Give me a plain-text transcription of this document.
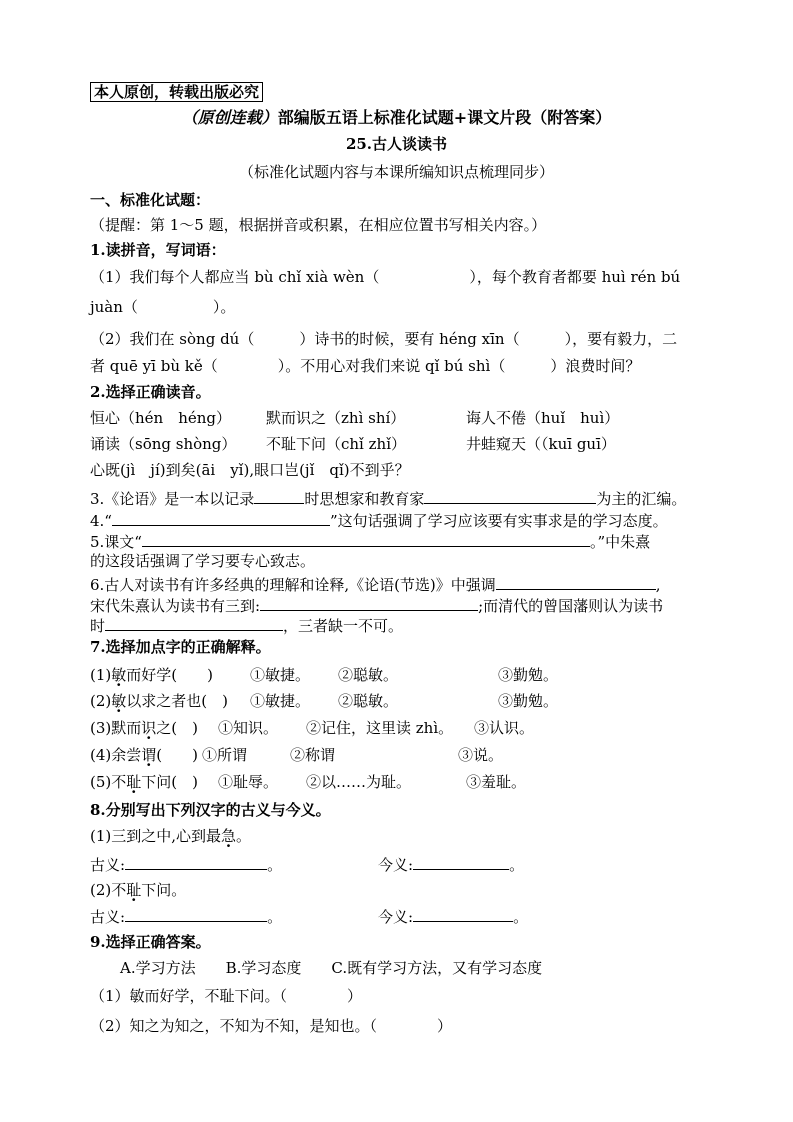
本人原创，转载出版必究
（原创连载）部编版五语上标准化试题+课文片段（附答案）
25.古人谈读书
（标准化试题内容与本课所编知识点梳理同步）
一、标准化试题：
（提醒：第 1～5 题，根据拼音或积累，在相应位置书写相关内容。）
1.读拼音，写词语：
（1）我们每个人都应当 bù chǐ xià wèn（　　　　　　），每个教育者都要 huì rén bú
juàn（　　　　　）。
（2）我们在 sòng dú（　　　）诗书的时候，要有 héng xīn（　　　），要有毅力，二
者 quē yī bù kě（　　　　）。不用心对我们来说 qǐ bú shì（　　　）浪费时间？
2.选择正确读音。
恒心（hén　héng） 默而识之（zhì shí）	诲人不倦（huǐ　huì）
诵读（sōng shòng） 不耻下问（chǐ zhǐ）	井蛙窥天（（kuī guī）
心既(jì　jí)到矣(āi　yǐ),眼口岂(jǐ　qǐ)不到乎？
3.《论语》是一本以记录	时思想家和教育家	为主的汇编。
4.“	”这句话强调了学习应该要有实事求是的学习态度。
5.课文“	。”中朱熹
的这段话强调了学习要专心致志。
6.古人对读书有许多经典的理解和诠释,《论语(节选)》中强调	,
宋代朱熹认为读书有三到:	;而清代的曾国藩则认为读书
时	，三者缺一不可。
7.选择加点字的正确解释。
(1)敏而好学(　　) ①敏捷。 ②聪敏。	③勤勉。
(2)敏以求之者也(　) ①敏捷。 ②聪敏。	③勤勉。
(3)默而识之(　) ①知识。 ②记住，这里读 zhì。 ③认识。
(4)余尝谓(　　) ①所谓	②称谓	③说。
(5)不耻下问(　) ①耻辱。 ②以……为耻。	③羞耻。
8.分别写出下列汉字的古义与今义。
(1)三到之中,心到最急。
古义:	。	今义:	。
(2)不耻下问。
古义:	。	今义:	。
9.选择正确答案。
A.学习方法　　B.学习态度　　C.既有学习方法，又有学习态度
（1）敏而好学，不耻下问。（　　　　）
（2）知之为知之，不知为不知，是知也。（　　　　）
